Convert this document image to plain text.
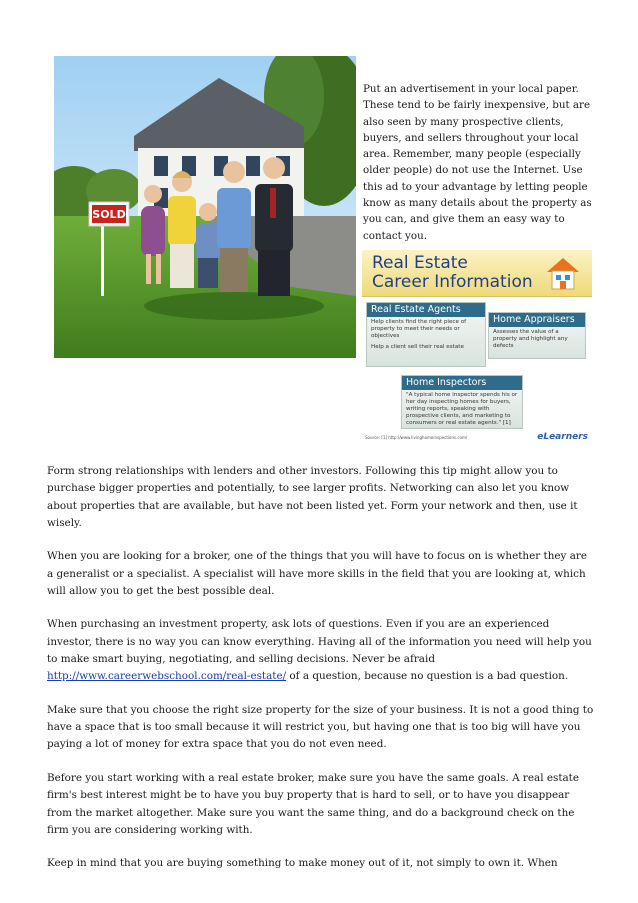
SOLD
Put an advertisement in your local paper. These tend to be fairly inexpensive, but are also seen by many prospective clients, buyers, and sellers throughout your local area. Remember, many people (especially older people) do not use the Internet. Use this ad to your advantage by letting people know as many details about the property as you can, and give them an easy way to contact you.
Real Estate
Career Information
Real Estate Agents
Help clients find the right piece of property to meet their needs or objectives
Help a client sell their real estate
Home Appraisers
Assesses the value of a property and highlight any defects
Home Inspectors
"A typical home inspector spends his or her day inspecting homes for buyers, writing reports, speaking with prospective clients, and marketing to consumers or real estate agents." [1]
Source: [1] http://www.livinghomeinspections.com/	eLearners

Form strong relationships with lenders and other investors. Following this tip might allow you to purchase bigger properties and potentially, to see larger profits. Networking can also let you know about properties that are available, but have not been listed yet. Form your network and then, use it wisely.

When you are looking for a broker, one of the things that you will have to focus on is whether they are a generalist or a specialist. A specialist will have more skills in the field that you are looking at, which will allow you to get the best possible deal.

When purchasing an investment property, ask lots of questions. Even if you are an experienced investor, there is no way you can know everything. Having all of the information you need will help you to make smart buying, negotiating, and selling decisions. Never be afraid http://www.careerwebschool.com/real-estate/ of a question, because no question is a bad question.

Make sure that you choose the right size property for the size of your business. It is not a good thing to have a space that is too small because it will restrict you, but having one that is too big will have you paying a lot of money for extra space that you do not even need.

Before you start working with a real estate broker, make sure you have the same goals. A real estate firm's best interest might be to have you buy property that is hard to sell, or to have you disappear from the market altogether. Make sure you want the same thing, and do a background check on the firm you are considering working with.

Keep in mind that you are buying something to make money out of it, not simply to own it. When
